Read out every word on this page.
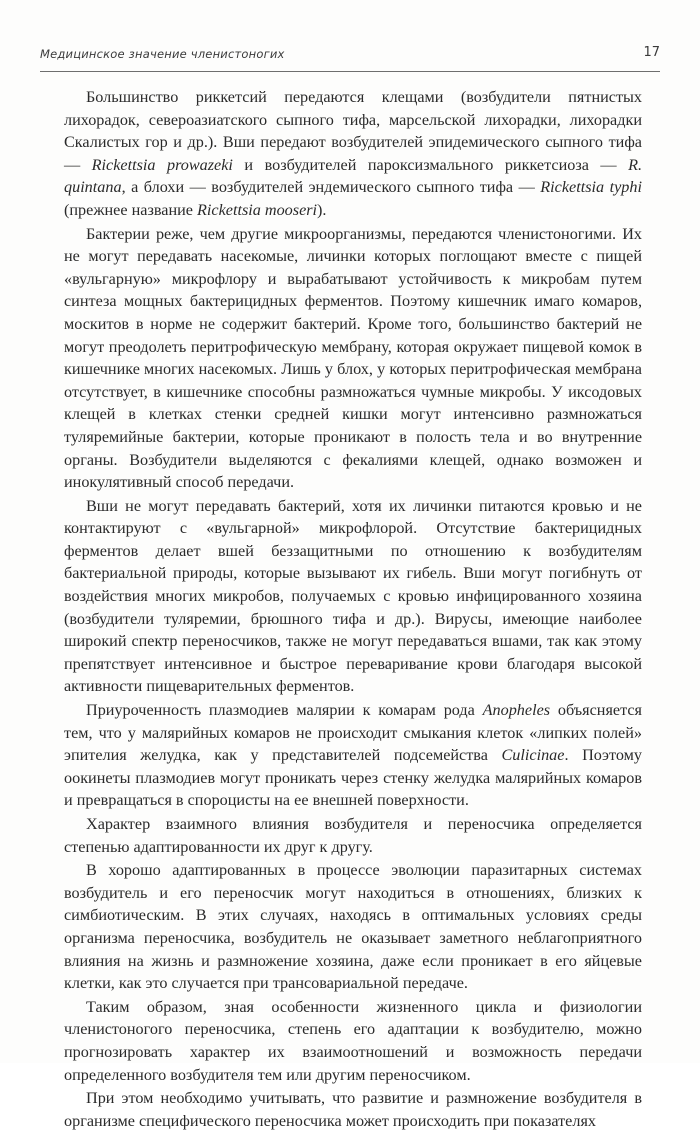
Медицинское значение членистоногих	17

Большинство риккетсий передаются клещами (возбудители пятнистых лихорадок, североазиатского сыпного тифа, марсельской лихорадки, лихорадки Скалистых гор и др.). Вши передают возбудителей эпидемического сыпного тифа — Rickettsia prowazeki и возбудителей пароксизмального риккетсиоза — R. quintana, а блохи — возбудителей эндемического сыпного тифа — Rickettsia typhi (прежнее название Rickettsia mooseri).

Бактерии реже, чем другие микроорганизмы, передаются членистоногими. Их не могут передавать насекомые, личинки которых поглощают вместе с пищей «вульгарную» микрофлору и вырабатывают устойчивость к микробам путем синтеза мощных бактерицидных ферментов. Поэтому кишечник имаго комаров, москитов в норме не содержит бактерий. Кроме того, большинство бактерий не могут преодолеть перитрофическую мембрану, которая окружает пищевой комок в кишечнике многих насекомых. Лишь у блох, у которых перитрофическая мембрана отсутствует, в кишечнике способны размножаться чумные микробы. У иксодовых клещей в клетках стенки средней кишки могут интенсивно размножаться туляремийные бактерии, которые проникают в полость тела и во внутренние органы. Возбудители выделяются с фекалиями клещей, однако возможен и инокулятивный способ передачи.

Вши не могут передавать бактерий, хотя их личинки питаются кровью и не контактируют с «вульгарной» микрофлорой. Отсутствие бактерицидных ферментов делает вшей беззащитными по отношению к возбудителям бактериальной природы, которые вызывают их гибель. Вши могут погибнуть от воздействия многих микробов, получаемых с кровью инфицированного хозяина (возбудители туляремии, брюшного тифа и др.). Вирусы, имеющие наиболее широкий спектр переносчиков, также не могут передаваться вшами, так как этому препятствует интенсивное и быстрое переваривание крови благодаря высокой активности пищеварительных ферментов.

Приуроченность плазмодиев малярии к комарам рода Anopheles объясняется тем, что у малярийных комаров не происходит смыкания клеток «липких полей» эпителия желудка, как у представителей подсемейства Culicinae. Поэтому оокинеты плазмодиев могут проникать через стенку желудка малярийных комаров и превращаться в спороцисты на ее внешней поверхности.

Характер взаимного влияния возбудителя и переносчика определяется степенью адаптированности их друг к другу.

В хорошо адаптированных в процессе эволюции паразитарных системах возбудитель и его переносчик могут находиться в отношениях, близких к симбиотическим. В этих случаях, находясь в оптимальных условиях среды организма переносчика, возбудитель не оказывает заметного неблагоприятного влияния на жизнь и размножение хозяина, даже если проникает в его яйцевые клетки, как это случается при трансовариальной передаче.

Таким образом, зная особенности жизненного цикла и физиологии членистоногого переносчика, степень его адаптации к возбудителю, можно прогнозировать характер их взаимоотношений и возможность передачи определенного возбудителя тем или другим переносчиком.

При этом необходимо учитывать, что развитие и размножение возбудителя в организме специфического переносчика может происходить при показателях
